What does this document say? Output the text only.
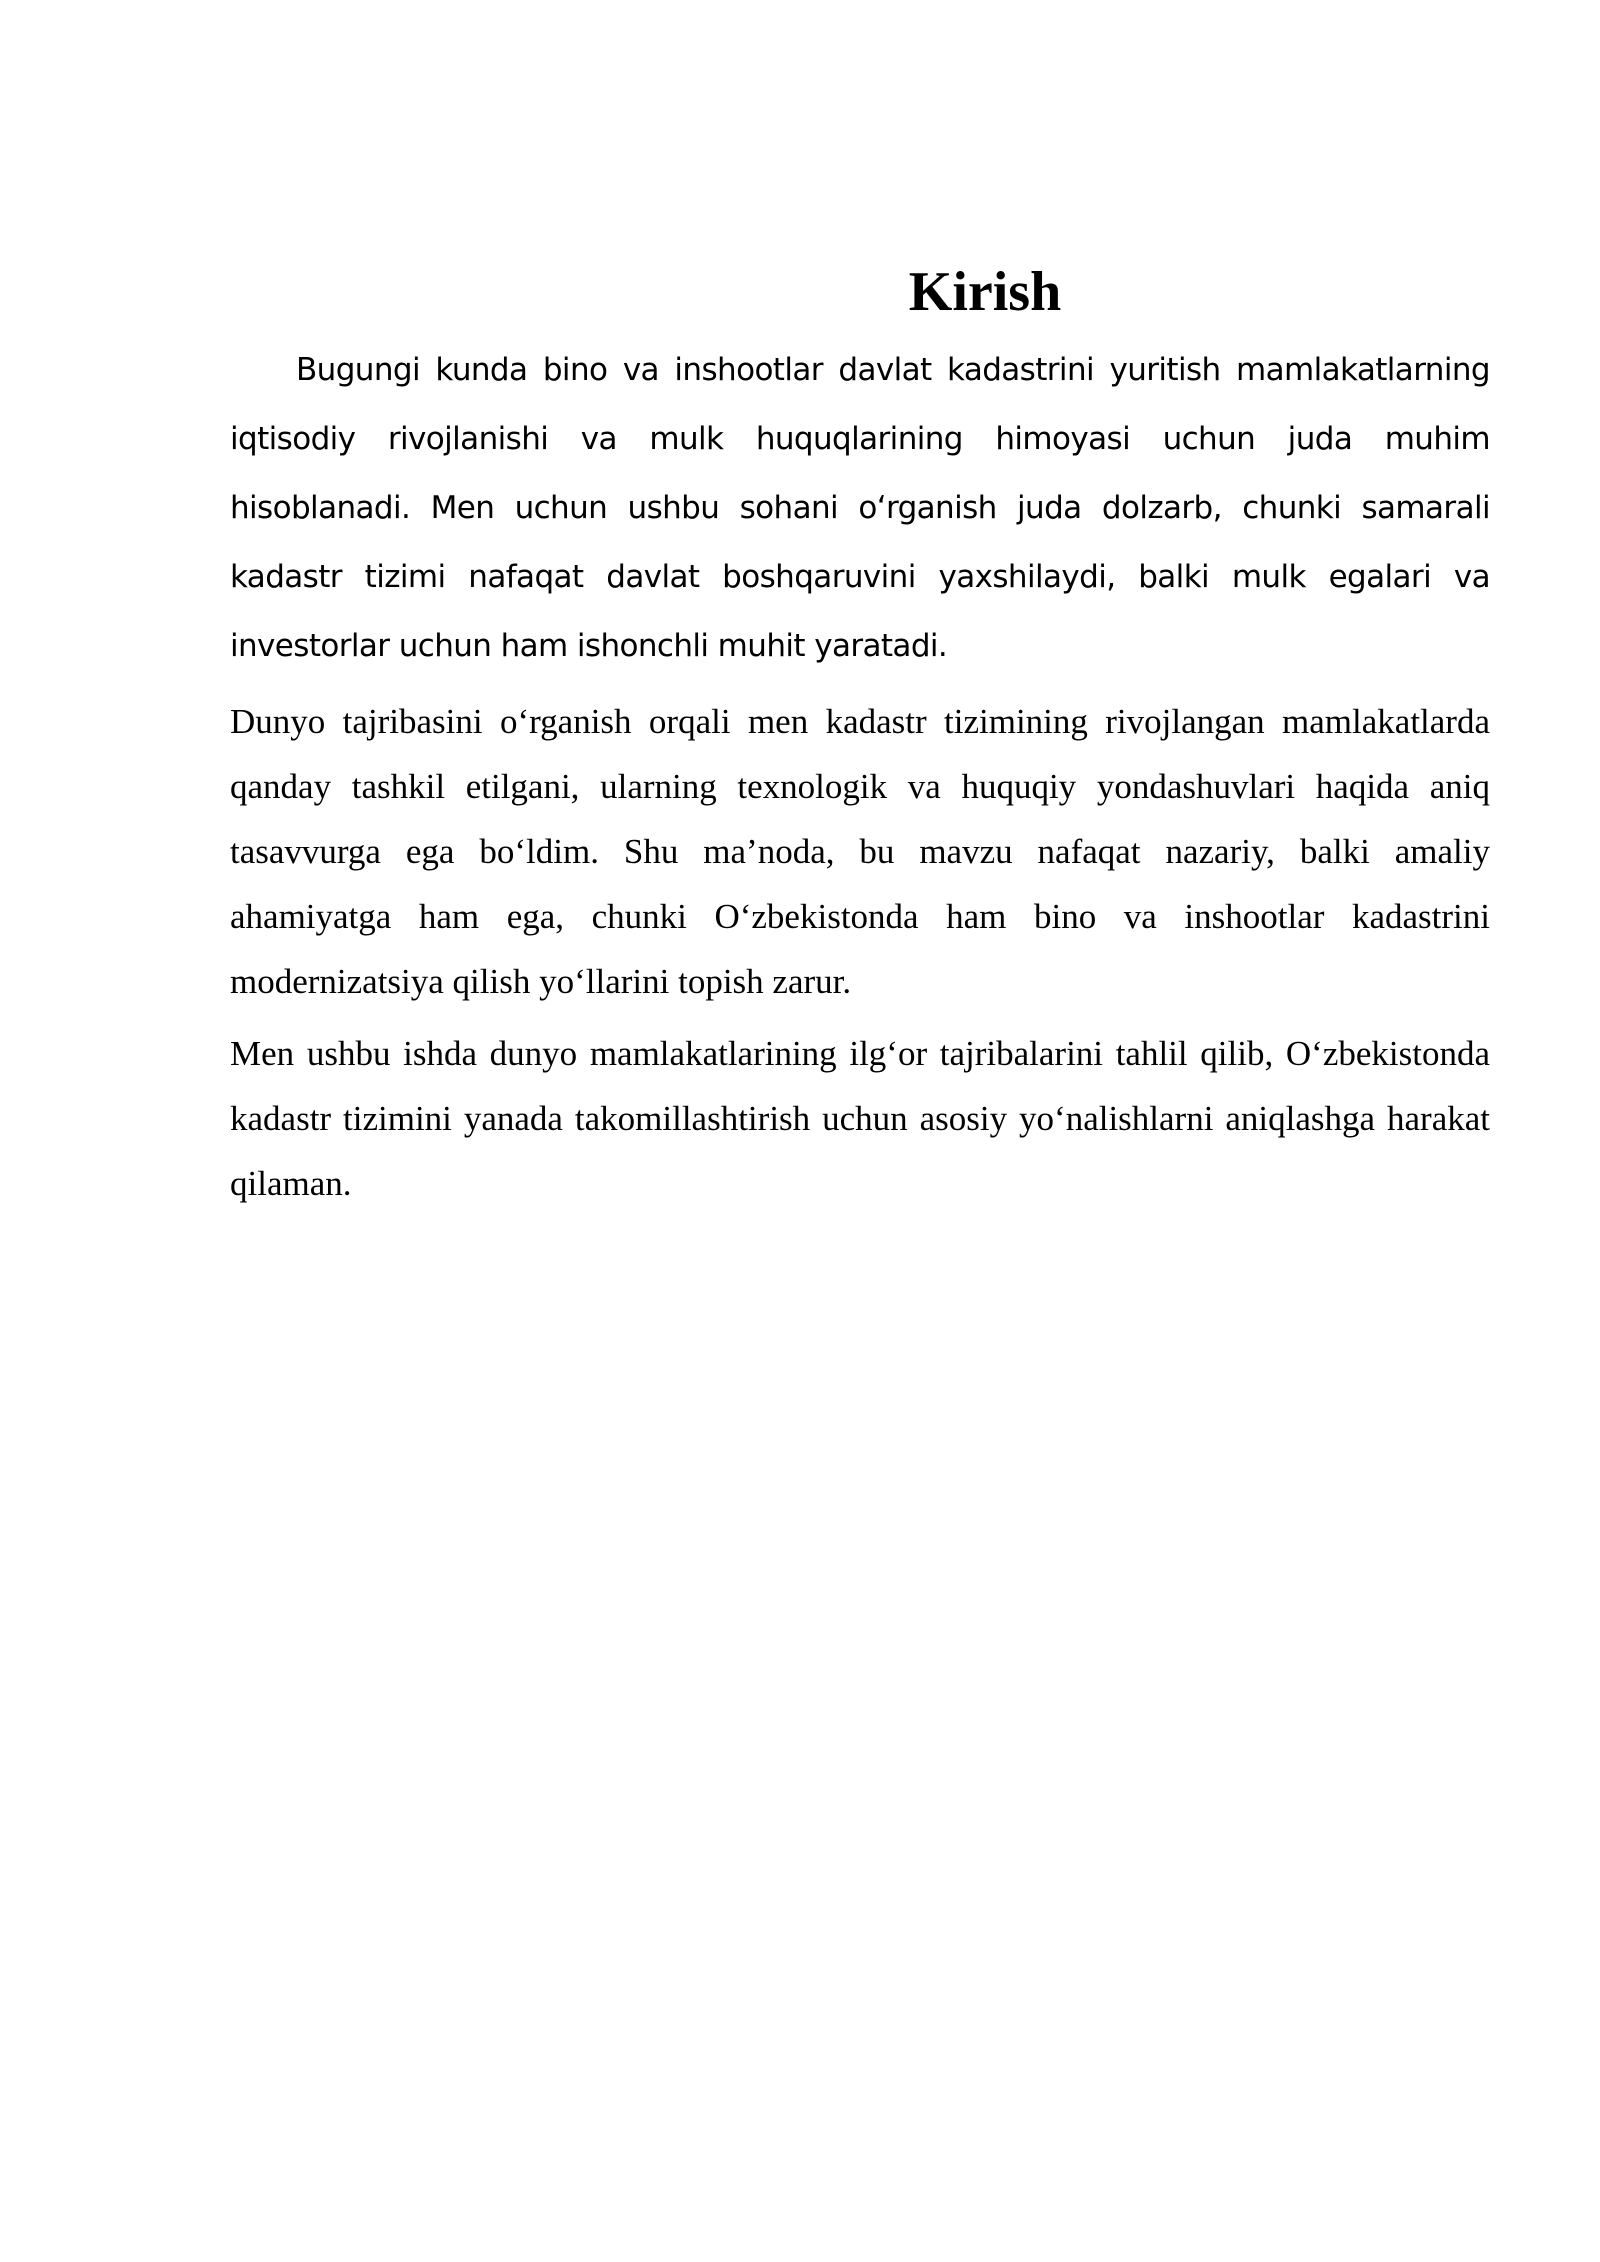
Kirish

Bugungi kunda bino va inshootlar davlat kadastrini yuritish mamlakatlarning iqtisodiy rivojlanishi va mulk huquqlarining himoyasi uchun juda muhim hisoblanadi. Men uchun ushbu sohani o‘rganish juda dolzarb, chunki samarali kadastr tizimi nafaqat davlat boshqaruvini yaxshilaydi, balki mulk egalari va investorlar uchun ham ishonchli muhit yaratadi.

Dunyo tajribasini o‘rganish orqali men kadastr tizimining rivojlangan mamlakatlarda qanday tashkil etilgani, ularning texnologik va huquqiy yondashuvlari haqida aniq tasavvurga ega bo‘ldim. Shu ma’noda, bu mavzu nafaqat nazariy, balki amaliy ahamiyatga ham ega, chunki O‘zbekistonda ham bino va inshootlar kadastrini modernizatsiya qilish yo‘llarini topish zarur.

Men ushbu ishda dunyo mamlakatlarining ilg‘or tajribalarini tahlil qilib, O‘zbekistonda kadastr tizimini yanada takomillashtirish uchun asosiy yo‘nalishlarni aniqlashga harakat qilaman.
